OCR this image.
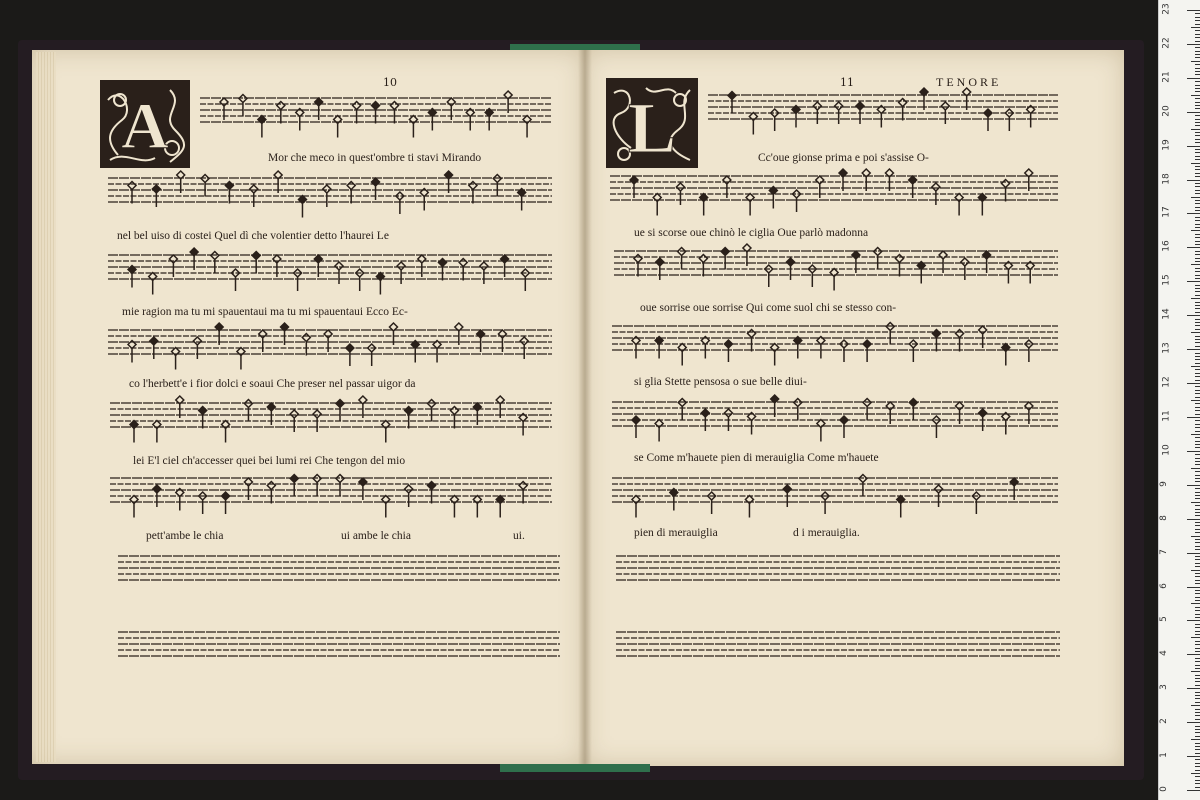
10
A
11	TENORE
L
Mor che meco in quest'ombre ti stavi Mirando
nel bel uiso di costei Quel dì che volentier detto l'haurei Le
mie ragion ma tu mi spauentaui ma tu mi spauentaui Ecco Ec-
co l'herbett'e i fior dolci e soaui Che preser nel passar uigor da
lei E'l ciel ch'accesser quei bei lumi rei Che tengon del mio
pett'ambe le chia	ui ambe le chia	ui.
Cc'oue gionse prima e poi s'assise O-
ue si scorse oue chinò le ciglia Oue parlò madonna
oue sorrise oue sorrise Qui come suol chi se stesso con-
si glia Stette pensosa o sue belle diui-
se Come m'hauete pien di merauiglia Come m'hauete
pien di merauiglia	d i merauiglia.
0
1
2
3
4
5
6
7
8
9
10
11
12
13
14
15
16
17
18
19
20
21
22
23
